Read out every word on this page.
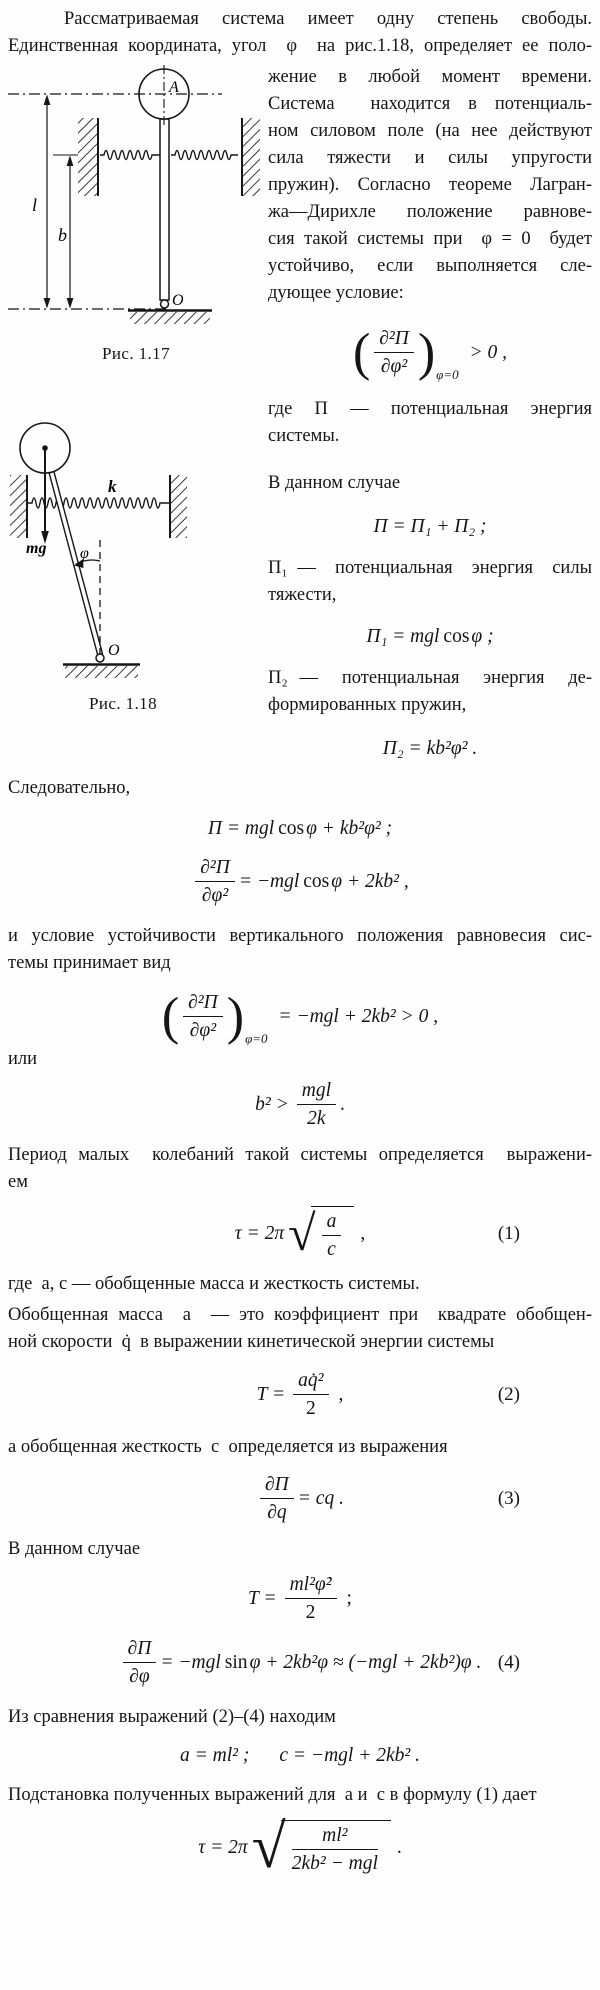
Рассматриваемая система имеет одну степень свободы.
Единственная координата, угол  φ  на рис.1.18, определяет ее поло-
A
l
b
O
Рис. 1.17
k
mg φ
O
Рис. 1.18
жение в любой момент времени.
Система  находится в потенциаль-
ном силовом поле (на нее действуют
сила  тяжести  и  силы  упругости
пружин). Согласно теореме Лагран-
жа—Дирихле  положение  равнове-
сия такой системы при  φ = 0  будет
устойчиво,  если  выполняется  сле-
дующее условие:
( $\frac{\text{∂²Π}}{\text{∂φ²}}$ ) φ=0
> 0 ,
где  Π  —  потенциальная  энергия
системы.
В данном случае
Π = Π₁ + Π₂ ;
Π₁ —  потенциальная  энергия  силы
тяжести,
Π₁ = mgl cos φ ;
Π₂ —  потенциальная  энергия  де-
формированных пружин,
Π₂ = kb²φ² .
Следовательно,
Π = mgl cos φ + kb²φ² ;
$\frac{\text{∂²Π}}{\text{∂φ²}} = -mgl$ cos φ + 2kb² ,
и условие устойчивости вертикального положения равновесия сис-
темы принимает вид
( $\frac{\text{∂²Π}}{\text{∂φ²}}$ ) φ=0
= −mgl + 2kb² > 0 ,
или
$b^2 > \frac{\text{mgl}}{2k}$ .
Период малых  колебаний такой системы определяется  выражени-
ем
τ = 2π √ $\frac{a}{c}$ ,	(1)
где  a, c — обобщенные масса и жесткость системы.
Обобщенная масса  a  — это коэффициент при  квадрате обобщен-
ной скорости  q̇  в выражении кинетической энергии системы
$T = \frac{\text{aq̇²}}{2}$ ,	(2)
а обобщенная жесткость  c  определяется из выражения
$\frac{\partial\Pi}{\partial q}$ = cq .	(3)
В данном случае
$T = \frac{\text{ml²φ̇²}}{2}$ ;
$\frac{\partial\Pi}{\partial\varphi} = -mgl$ sin φ + 2kb²φ ≈ (−mgl + 2kb²)φ . (4)
Из сравнения выражений (2)–(4) находим
a = ml² ; c = −mgl + 2kb² .
Подстановка полученных выражений для  a и  c в формулу (1) дает
τ = 2π √ $\frac{\text{ml²}}{\text{2kb² − mgl}}$ .
